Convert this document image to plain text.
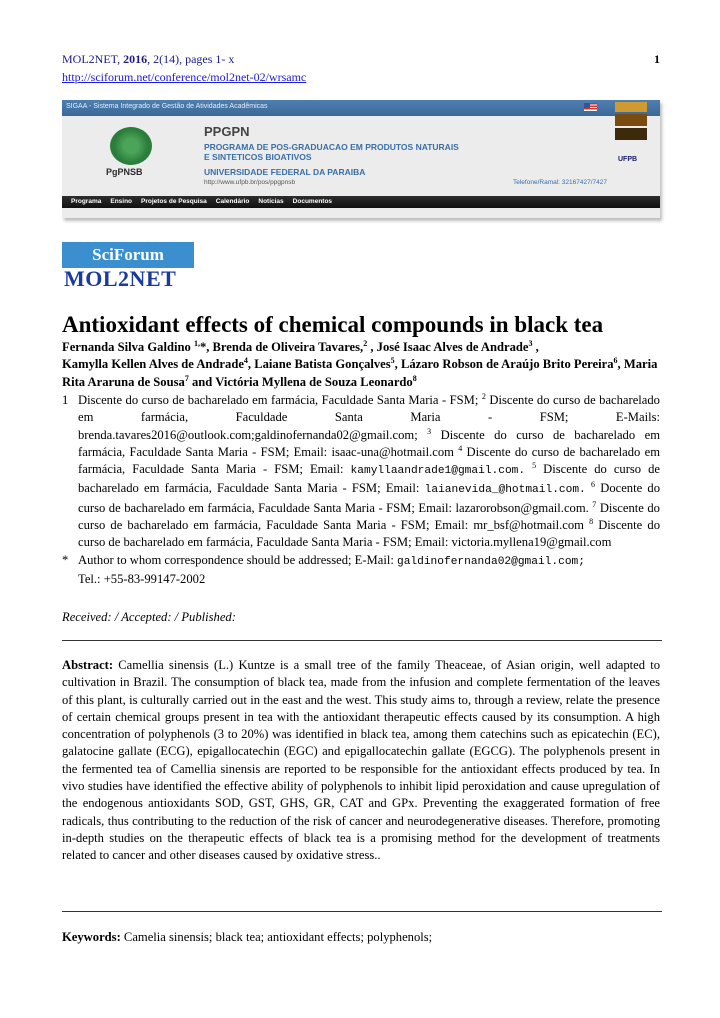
MOL2NET, 2016, 2(14), pages 1- x	1
http://sciforum.net/conference/mol2net-02/wrsamc
SIGAA - Sistema Integrado de Gestão de Atividades Acadêmicas
PgPNSB
PPGPN
PROGRAMA DE POS-GRADUACAO EM PRODUTOS NATURAIS E SINTETICOS BIOATIVOS
UNIVERSIDADE FEDERAL DA PARAIBA
http://www.ufpb.br/pos/ppgpnsb	Telefone/Ramal: 32167427/7427
UFPB
Programa Ensino Projetos de Pesquisa Calendário Notícias Documentos
SciForum
MOL2NET
Antioxidant effects of chemical compounds in black tea
Fernanda Silva Galdino $^{1,}$*, Brenda de Oliveira Tavares,$^2$ , José Isaac Alves de Andrade$^3$ ,
Kamylla Kellen Alves de Andrade$^4$, Laiane Batista Gonçalves$^5$, Lázaro Robson de Araújo Brito Pereira$^6$, Maria Rita Araruna de Sousa$^7$ and Victória Myllena de Souza Leonardo$^8$
1 Discente do curso de bacharelado em farmácia, Faculdade Santa Maria - FSM; $^2$ Discente do curso de bacharelado em farmácia, Faculdade Santa Maria - FSM; E-Mails: brenda.tavares2016@outlook.com;galdinofernanda02@gmail.com; $^3$ Discente do curso de bacharelado em farmácia, Faculdade Santa Maria - FSM; Email: isaac-una@hotmail.com $^4$ Discente do curso de bacharelado em farmácia, Faculdade Santa Maria - FSM; Email: kamyllaandrade1@gmail.com. $^5$ Discente do curso de bacharelado em farmácia, Faculdade Santa Maria - FSM; Email: laianevida_@hotmail.com. $^6$ Docente do curso de bacharelado em farmácia, Faculdade Santa Maria - FSM; Email: lazarorobson@gmail.com. $^7$ Discente do curso de bacharelado em farmácia, Faculdade Santa Maria - FSM; Email: mr_bsf@hotmail.com $^8$ Discente do curso de bacharelado em farmácia, Faculdade Santa Maria - FSM; Email: victoria.myllena19@gmail.com
* Author to whom correspondence should be addressed; E-Mail: galdinofernanda02@gmail.com;
Tel.: +55-83-99147-2002
Received: / Accepted: / Published:
Abstract: Camellia sinensis (L.) Kuntze is a small tree of the family Theaceae, of Asian origin, well adapted to cultivation in Brazil. The consumption of black tea, made from the infusion and complete fermentation of the leaves of this plant, is culturally carried out in the east and the west. This study aims to, through a review, relate the presence of certain chemical groups present in tea with the antioxidant therapeutic effects caused by its consumption. A high concentration of polyphenols (3 to 20%) was identified in black tea, among them catechins such as epicatechin (EC), galatocine gallate (ECG), epigallocatechin (EGC) and epigallocatechin gallate (EGCG). The polyphenols present in the fermented tea of Camellia sinensis are reported to be responsible for the antioxidant effects produced by tea. In vivo studies have identified the effective ability of polyphenols to inhibit lipid peroxidation and cause upregulation of the endogenous antioxidants SOD, GST, GHS, GR, CAT and GPx. Preventing the exaggerated formation of free radicals, thus contributing to the reduction of the risk of cancer and neurodegenerative diseases. Therefore, promoting in-depth studies on the therapeutic effects of black tea is a promising method for the development of treatments related to cancer and other diseases caused by oxidative stress..
Keywords: Camelia sinensis; black tea; antioxidant effects; polyphenols;
